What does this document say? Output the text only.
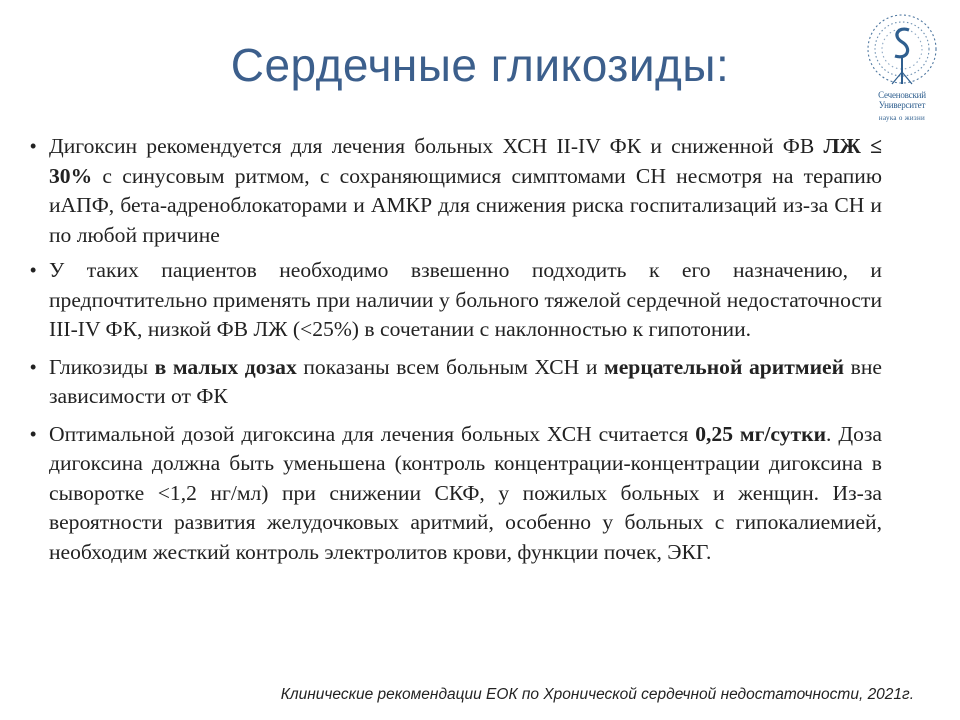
Сердечные гликозиды:
Сеченовский
Университет
наука о жизни
• Дигоксин рекомендуется для лечения больных ХСН II-IV ФК и сниженной ФВ ЛЖ ≤ 30% с синусовым ритмом, с сохраняющимися симптомами СН несмотря на терапию иАПФ, бета-адреноблокаторами и АМКР для снижения риска госпитализаций из-за СН и по любой причине
• У таких пациентов необходимо взвешенно подходить к его назначению, и предпочтительно применять при наличии у больного тяжелой сердечной недостаточности III-IV ФК, низкой ФВ ЛЖ (<25%) в сочетании с наклонностью к гипотонии.
• Гликозиды в малых дозах показаны всем больным ХСН и мерцательной аритмией вне зависимости от ФК
• Оптимальной дозой дигоксина для лечения больных ХСН считается 0,25 мг/сутки. Доза дигоксина должна быть уменьшена (контроль концентрации-концентрации дигоксина в сыворотке <1,2 нг/мл) при снижении СКФ, у пожилых больных и женщин. Из-за вероятности развития желудочковых аритмий, особенно у больных с гипокалиемией, необходим жесткий контроль электролитов крови, функции почек, ЭКГ.

Клинические рекомендации ЕОК по Хронической сердечной недостаточности, 2021г.
